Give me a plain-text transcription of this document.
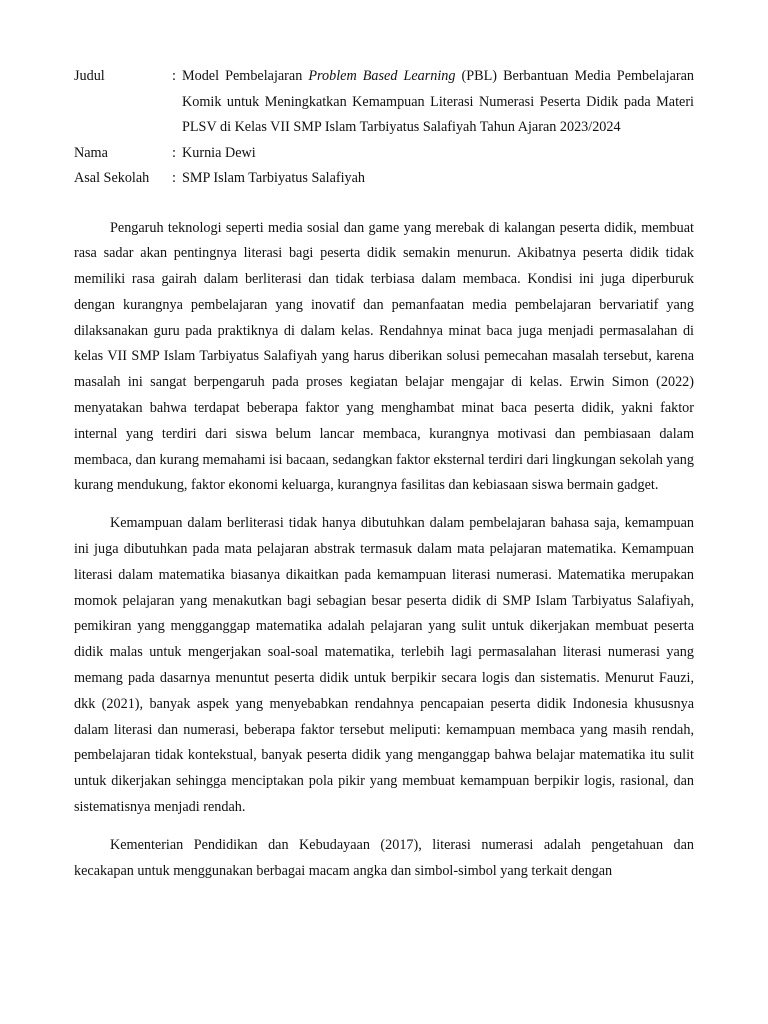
Judul	:	Model Pembelajaran Problem Based Learning (PBL) Berbantuan Media Pembelajaran Komik untuk Meningkatkan Kemampuan Literasi Numerasi Peserta Didik pada Materi PLSV di Kelas VII SMP Islam Tarbiyatus Salafiyah Tahun Ajaran 2023/2024
Nama	:	Kurnia Dewi
Asal Sekolah	:	SMP Islam Tarbiyatus Salafiyah

Pengaruh teknologi seperti media sosial dan game yang merebak di kalangan peserta didik, membuat rasa sadar akan pentingnya literasi bagi peserta didik semakin menurun. Akibatnya peserta didik tidak memiliki rasa gairah dalam berliterasi dan tidak terbiasa dalam membaca. Kondisi ini juga diperburuk dengan kurangnya pembelajaran yang inovatif dan pemanfaatan media pembelajaran bervariatif yang dilaksanakan guru pada praktiknya di dalam kelas. Rendahnya minat baca juga menjadi permasalahan di kelas VII SMP Islam Tarbiyatus Salafiyah yang harus diberikan solusi pemecahan masalah tersebut, karena masalah ini sangat berpengaruh pada proses kegiatan belajar mengajar di kelas. Erwin Simon (2022) menyatakan bahwa terdapat beberapa faktor yang menghambat minat baca peserta didik, yakni faktor internal yang terdiri dari siswa belum lancar membaca, kurangnya motivasi dan pembiasaan dalam membaca, dan kurang memahami isi bacaan, sedangkan faktor eksternal terdiri dari lingkungan sekolah yang kurang mendukung, faktor ekonomi keluarga, kurangnya fasilitas dan kebiasaan siswa bermain gadget.

Kemampuan dalam berliterasi tidak hanya dibutuhkan dalam pembelajaran bahasa saja, kemampuan ini juga dibutuhkan pada mata pelajaran abstrak termasuk dalam mata pelajaran matematika. Kemampuan literasi dalam matematika biasanya dikaitkan pada kemampuan literasi numerasi. Matematika merupakan momok pelajaran yang menakutkan bagi sebagian besar peserta didik di SMP Islam Tarbiyatus Salafiyah, pemikiran yang mengganggap matematika adalah pelajaran yang sulit untuk dikerjakan membuat peserta didik malas untuk mengerjakan soal-soal matematika, terlebih lagi permasalahan literasi numerasi yang memang pada dasarnya menuntut peserta didik untuk berpikir secara logis dan sistematis. Menurut Fauzi, dkk (2021), banyak aspek yang menyebabkan rendahnya pencapaian peserta didik Indonesia khususnya dalam literasi dan numerasi, beberapa faktor tersebut meliputi: kemampuan membaca yang masih rendah, pembelajaran tidak kontekstual, banyak peserta didik yang menganggap bahwa belajar matematika itu sulit untuk dikerjakan sehingga menciptakan pola pikir yang membuat kemampuan berpikir logis, rasional, dan sistematisnya menjadi rendah.

Kementerian Pendidikan dan Kebudayaan (2017), literasi numerasi adalah pengetahuan dan kecakapan untuk menggunakan berbagai macam angka dan simbol-simbol yang terkait dengan
